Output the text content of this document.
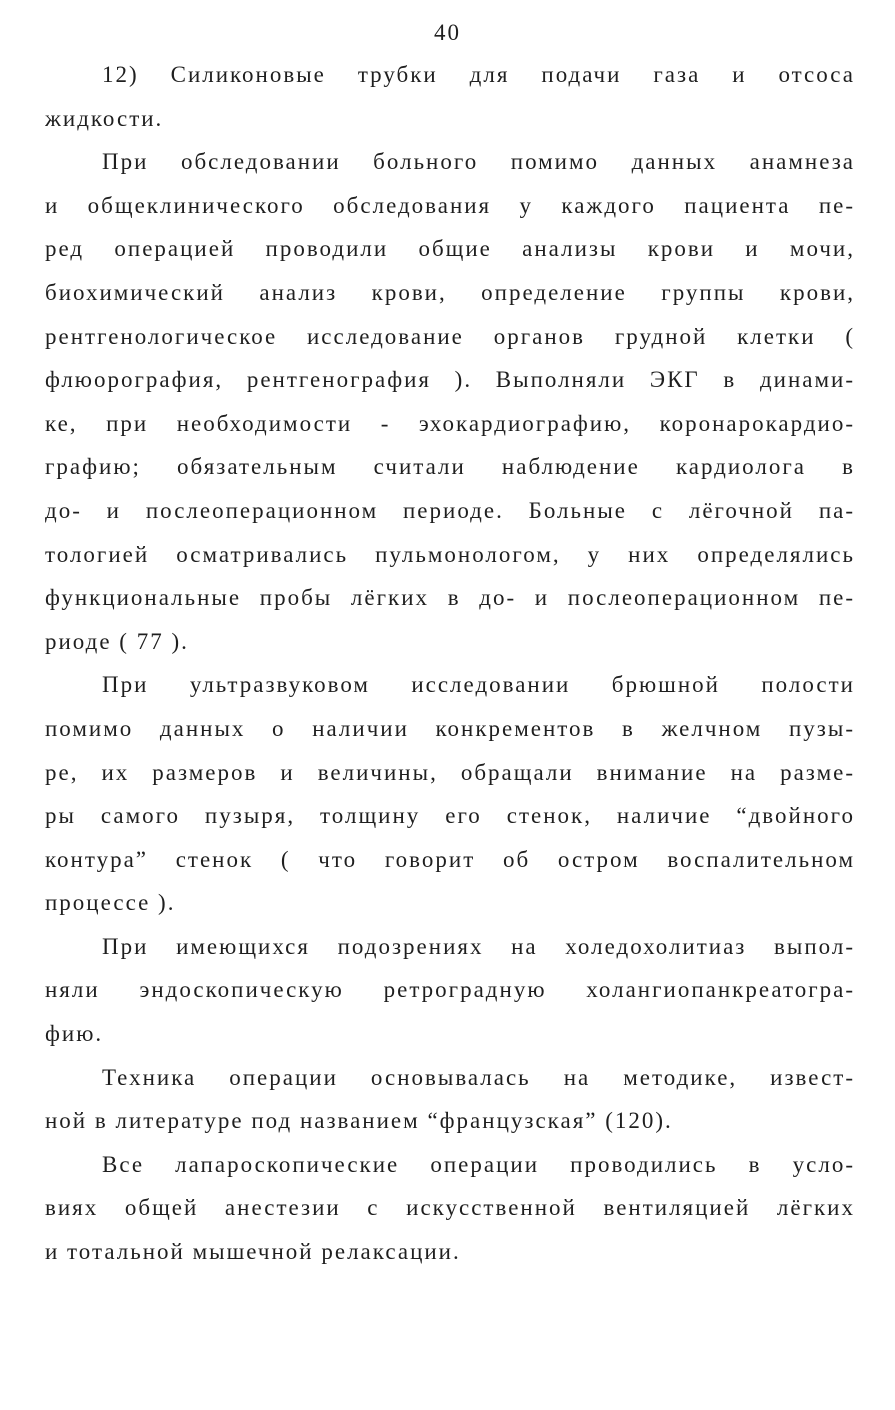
40
12) Силиконовые трубки для подачи газа и отсоса
жидкости.
При обследовании больного помимо данных анамнеза
и общеклинического обследования у каждого пациента пе-
ред операцией проводили общие анализы крови и мочи,
биохимический анализ крови, определение группы крови,
рентгенологическое исследование органов грудной клетки (
флюорография, рентгенография ). Выполняли ЭКГ в динами-
ке, при необходимости - эхокардиографию, коронарокардио-
графию; обязательным считали наблюдение кардиолога в
до- и послеоперационном периоде. Больные с лёгочной па-
тологией осматривались пульмонологом, у них определялись
функциональные пробы лёгких в до- и послеоперационном пе-
риоде ( 77 ).
При ультразвуковом исследовании брюшной полости
помимо данных о наличии конкрементов в желчном пузы-
ре, их размеров и величины, обращали внимание на разме-
ры самого пузыря, толщину его стенок, наличие “двойного
контура” стенок ( что говорит об остром воспалительном
процессе ).
При имеющихся подозрениях на холедохолитиаз выпол-
няли эндоскопическую ретроградную холангиопанкреатогра-
фию.
Техника операции основывалась на методике, извест-
ной в литературе под названием “французская” (120).
Все лапароскопические операции проводились в усло-
виях общей анестезии с искусственной вентиляцией лёгких
и тотальной мышечной релаксации.
